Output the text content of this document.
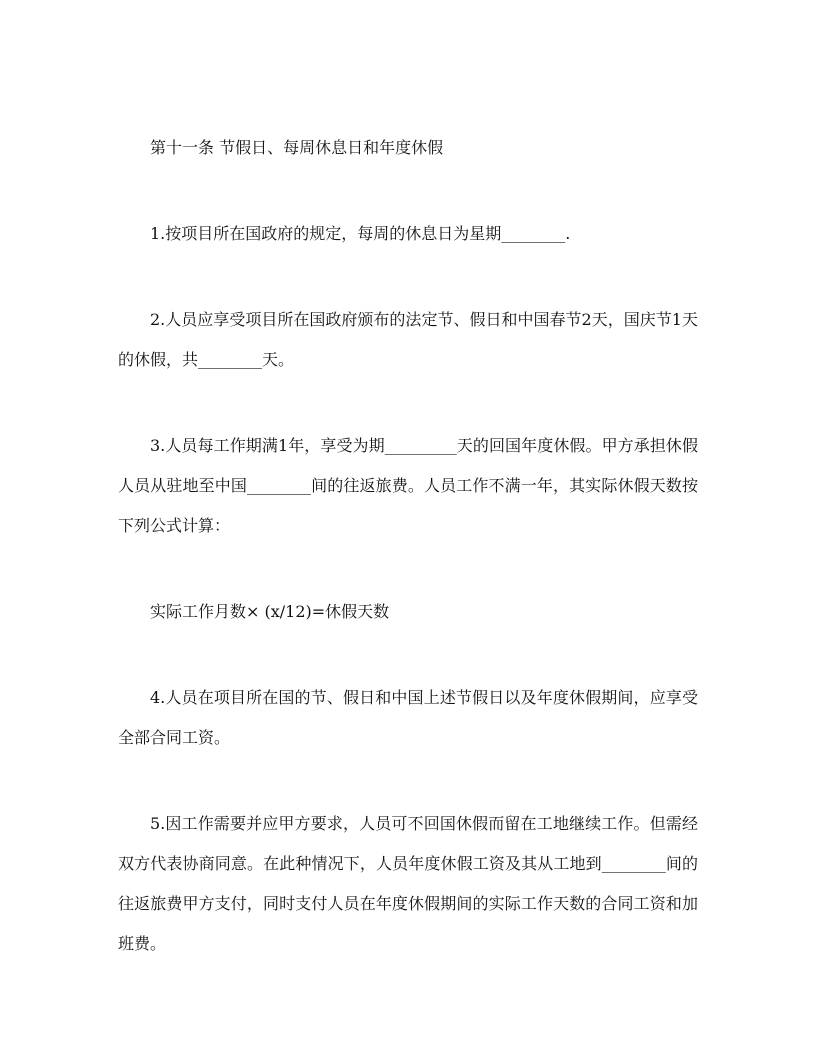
第十一条 节假日、每周休息日和年度休假

1.按项目所在国政府的规定，每周的休息日为星期________.

2.人员应享受项目所在国政府颁布的法定节、假日和中国春节2天，国庆节1天的休假，共________天。

3.人员每工作期满1年，享受为期_________天的回国年度休假。甲方承担休假人员从驻地至中国________间的往返旅费。人员工作不满一年，其实际休假天数按下列公式计算：

实际工作月数× (x/12)=休假天数

4.人员在项目所在国的节、假日和中国上述节假日以及年度休假期间，应享受全部合同工资。

5.因工作需要并应甲方要求，人员可不回国休假而留在工地继续工作。但需经双方代表协商同意。在此种情况下，人员年度休假工资及其从工地到________间的往返旅费甲方支付，同时支付人员在年度休假期间的实际工作天数的合同工资和加班费。
